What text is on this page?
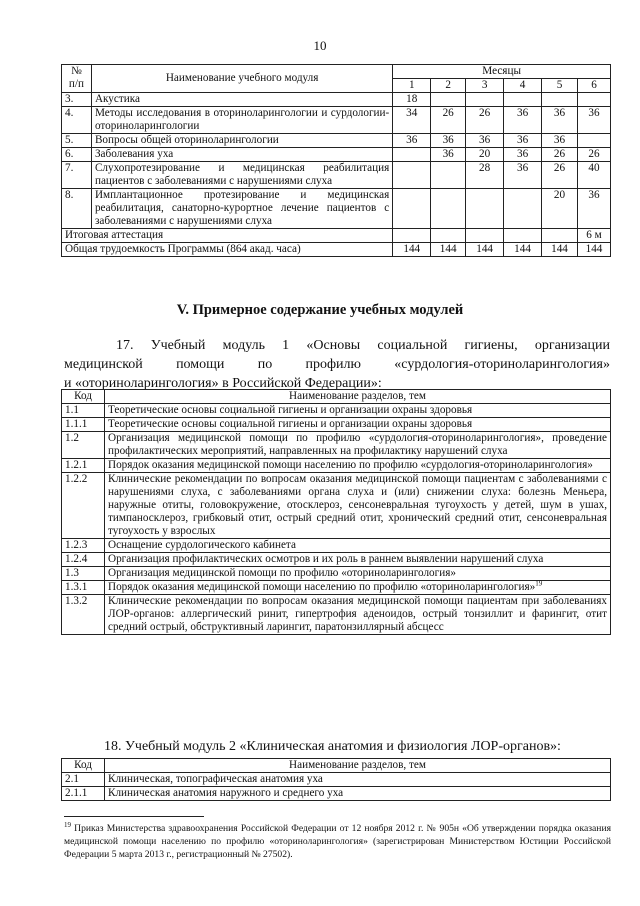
10
№
п/п	Наименование учебного модуля	Месяцы					
		1	2	3	4	5	6
3.	Акустика	18					
4.	Методы исследования в оториноларингологии и сурдологии-оториноларингологии	34	26	26	36	36	36
5.	Вопросы общей оториноларингологии	36	36	36	36	36	
6.	Заболевания уха		36	20	36	26	26
7.	Слухопротезирование и медицинская реабилитация пациентов с заболеваниями с нарушениями слуха			28	36	26	40
8.	Имплантационное протезирование и медицинская реабилитация, санаторно-курортное лечение пациентов с заболеваниями с нарушениями слуха					20	36
Итоговая аттестация							6 м
Общая трудоемкость Программы (864 акад. часа)		144	144	144	144	144	144
V. Примерное содержание учебных модулей
17. Учебный модуль 1 «Основы социальной гигиены, организации
медицинской помощи по профилю «сурдология-оториноларингология»
и «оториноларингология» в Российской Федерации»:
Код	Наименование разделов, тем
1.1	Теоретические основы социальной гигиены и организации охраны здоровья
1.1.1	Теоретические основы социальной гигиены и организации охраны здоровья
1.2	Организация медицинской помощи по профилю «сурдология-оториноларингология», проведение профилактических мероприятий, направленных на профилактику нарушений слуха
1.2.1	Порядок оказания медицинской помощи населению по профилю «сурдология-оториноларингология»
1.2.2	Клинические рекомендации по вопросам оказания медицинской помощи пациентам с заболеваниями с нарушениями слуха, с заболеваниями органа слуха и (или) снижении слуха: болезнь Меньера, наружные отиты, головокружение, отосклероз, сенсоневральная тугоухость у детей, шум в ушах, тимпаносклероз, грибковый отит, острый средний отит, хронический средний отит, сенсоневральная тугоухость у взрослых
1.2.3	Оснащение сурдологического кабинета
1.2.4	Организация профилактических осмотров и их роль в раннем выявлении нарушений слуха
1.3	Организация медицинской помощи по профилю «оториноларингология»
1.3.1	Порядок оказания медицинской помощи населению по профилю «оториноларингология»$^{19}$
1.3.2	Клинические рекомендации по вопросам оказания медицинской помощи пациентам при заболеваниях ЛОР-органов: аллергический ринит, гипертрофия аденоидов, острый тонзиллит и фарингит, отит средний острый, обструктивный ларингит, паратонзиллярный абсцесс
18. Учебный модуль 2 «Клиническая анатомия и физиология ЛОР-органов»:
Код	Наименование разделов, тем
2.1	Клиническая, топографическая анатомия уха
2.1.1	Клиническая анатомия наружного и среднего уха
$^{19}$ Приказ Министерства здравоохранения Российской Федерации от 12 ноября 2012 г. № 905н «Об утверждении порядка оказания медицинской помощи населению по профилю «оториноларингология» (зарегистрирован Министерством Юстиции Российской Федерации 5 марта 2013 г., регистрационный № 27502).
